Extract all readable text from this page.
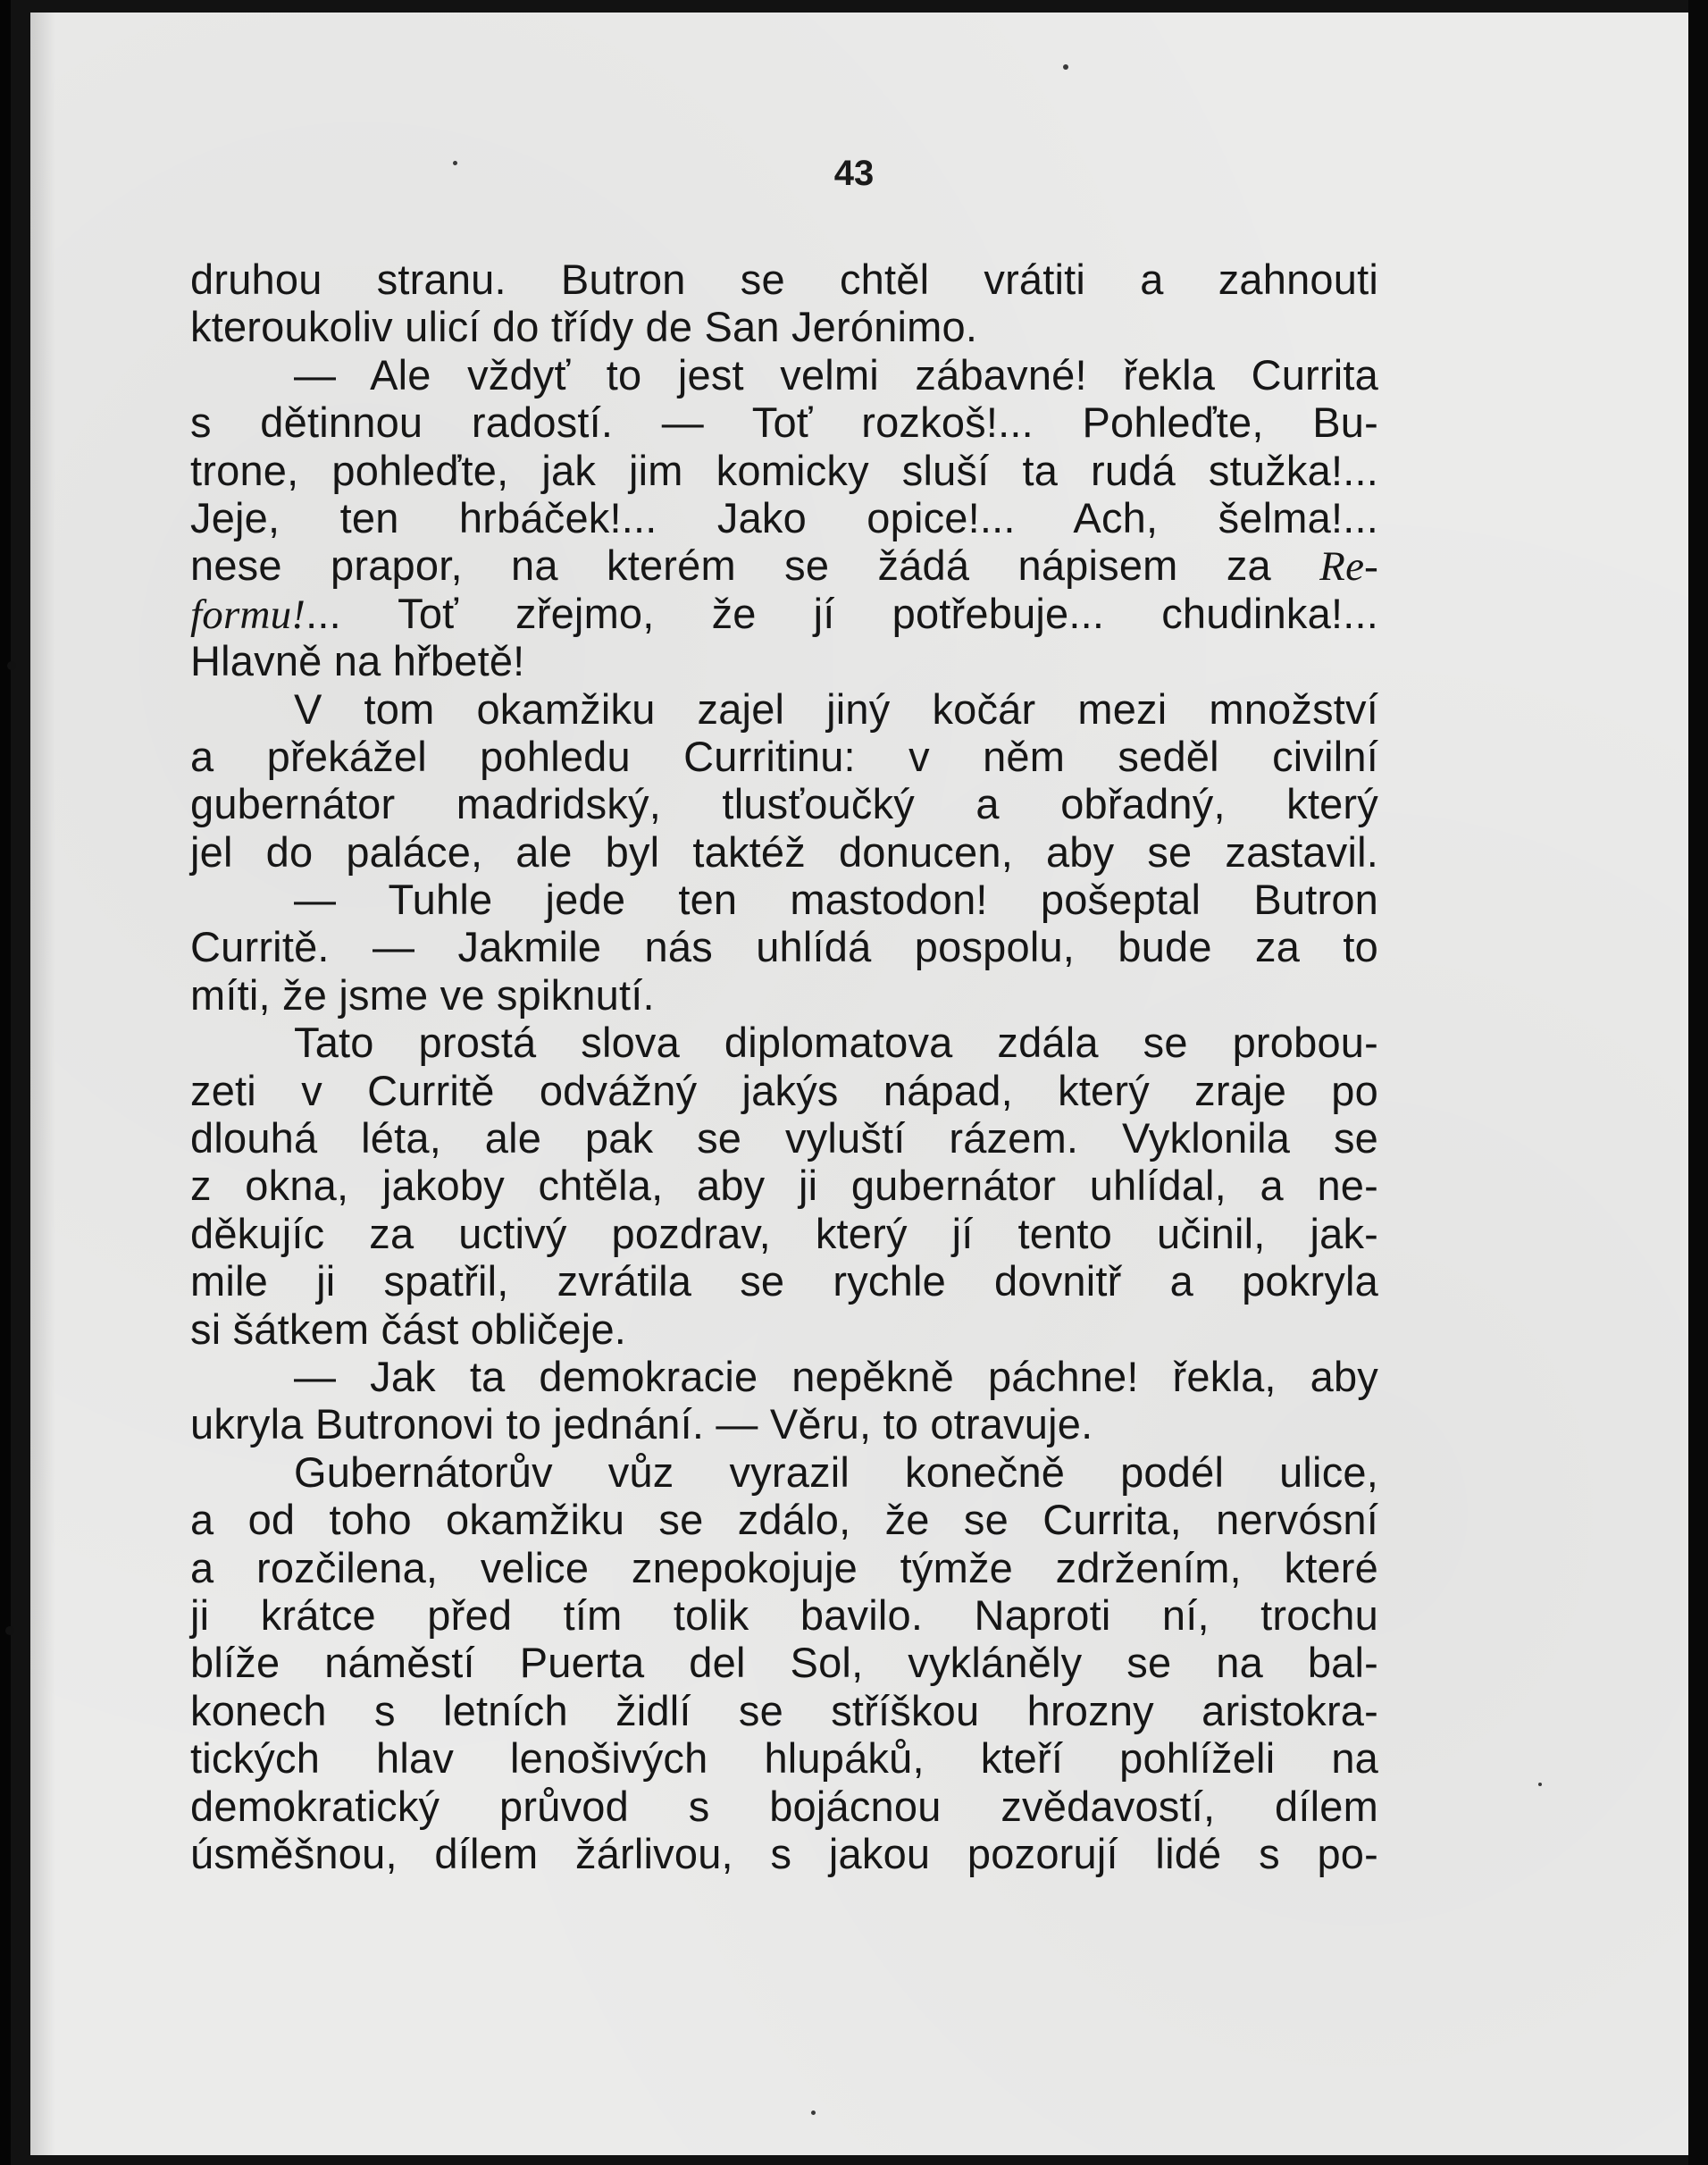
43
druhou stranu. Butron se chtěl vrátiti a zahnouti
kteroukoliv ulicí do třídy de San Jerónimo.
— Ale vždyť to jest velmi zábavné! řekla Currita
s dětinnou radostí. — Toť rozkoš!... Pohleďte, Bu-
trone, pohleďte, jak jim komicky sluší ta rudá stužka!...
Jeje, ten hrbáček!... Jako opice!... Ach, šelma!...
nese prapor, na kterém se žádá nápisem za Re-
formu!... Toť zřejmo, že jí potřebuje... chudinka!...
Hlavně na hřbetě!
V tom okamžiku zajel jiný kočár mezi množství
a překážel pohledu Curritinu: v něm seděl civilní
gubernátor madridský, tlusťoučký a obřadný, který
jel do paláce, ale byl taktéž donucen, aby se zastavil.
— Tuhle jede ten mastodon! pošeptal Butron
Curritě. — Jakmile nás uhlídá pospolu, bude za to
míti, že jsme ve spiknutí.
Tato prostá slova diplomatova zdála se probou-
zeti v Curritě odvážný jakýs nápad, který zraje po
dlouhá léta, ale pak se vyluští rázem. Vyklonila se
z okna, jakoby chtěla, aby ji gubernátor uhlídal, a ne-
děkujíc za uctivý pozdrav, který jí tento učinil, jak-
mile ji spatřil, zvrátila se rychle dovnitř a pokryla
si šátkem část obličeje.
— Jak ta demokracie nepěkně páchne! řekla, aby
ukryla Butronovi to jednání. — Věru, to otravuje.
Gubernátorův vůz vyrazil konečně podél ulice,
a od toho okamžiku se zdálo, že se Currita, nervósní
a rozčilena, velice znepokojuje týmže zdržením, které
ji krátce před tím tolik bavilo. Naproti ní, trochu
blíže náměstí Puerta del Sol, vykláněly se na bal-
konech s letních židlí se stříškou hrozny aristokra-
tických hlav lenošivých hlupáků, kteří pohlíželi na
demokratický průvod s bojácnou zvědavostí, dílem
úsměšnou, dílem žárlivou, s jakou pozorují lidé s po-
